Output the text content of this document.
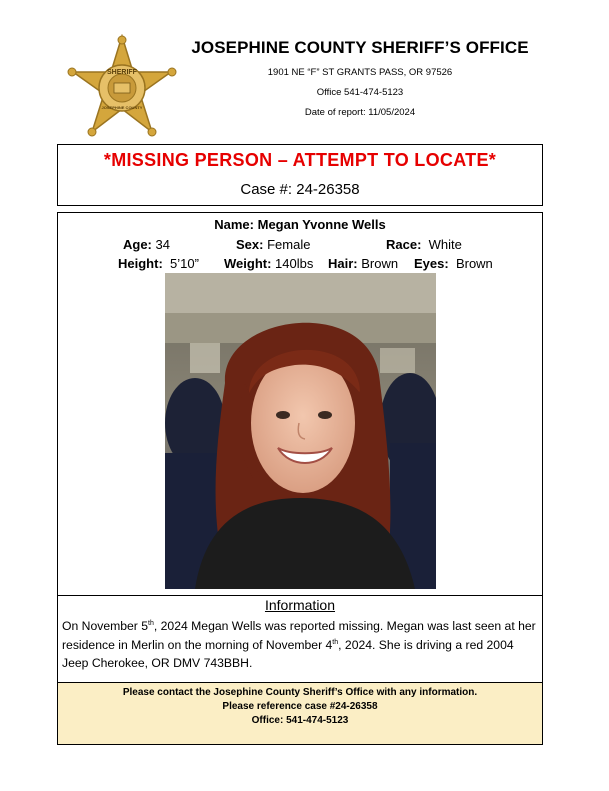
SHERIFF
JOSEPHINE COUNTY
JOSEPHINE COUNTY SHERIFF’S OFFICE
1901 NE “F” ST GRANTS PASS, OR 97526
Office 541-474-5123
Date of report: 11/05/2024
*MISSING PERSON – ATTEMPT TO LOCATE*
Case #: 24-26358
Name: Megan Yvonne Wells
Age: 34	Sex: Female	Race: White
Height: 5’10” Weight: 140lbs Hair: Brown Eyes: Brown
Information
On November 5th, 2024 Megan Wells was reported missing. Megan was last seen at her residence in Merlin on the morning of November 4th, 2024. She is driving a red 2004 Jeep Cherokee, OR DMV 743BBH.
Please contact the Josephine County Sheriff’s Office with any information.
Please reference case #24-26358
Office: 541-474-5123
